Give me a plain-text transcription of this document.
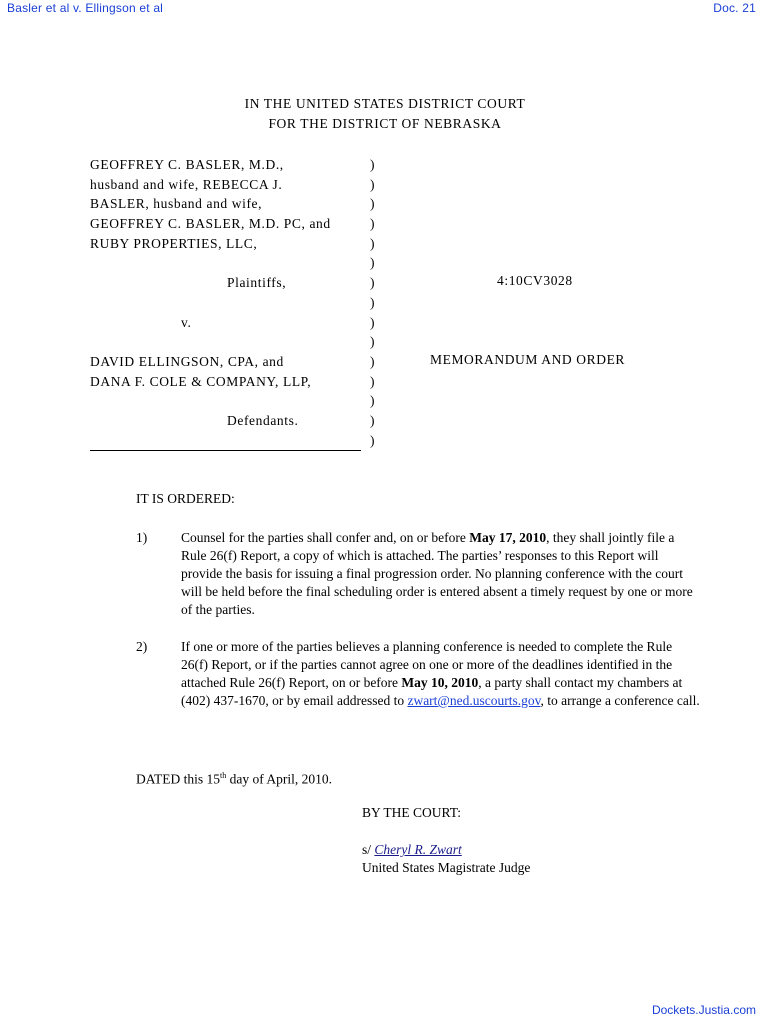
Basler et al v. Ellingson et al	Doc. 21
IN THE UNITED STATES DISTRICT COURT
FOR THE DISTRICT OF NEBRASKA
GEOFFREY C. BASLER, M.D.,
husband and wife, REBECCA J.
BASLER, husband and wife,
GEOFFREY C. BASLER, M.D. PC, and
RUBY PROPERTIES, LLC,
Plaintiffs,
v.
DAVID ELLINGSON, CPA, and
DANA F. COLE & COMPANY, LLP,
Defendants.
)
)
)
)
)
)
)
)
)
)
)
)
)
)
)
4:10CV3028
MEMORANDUM AND ORDER
IT IS ORDERED:
1)	Counsel for the parties shall confer and, on or before May 17, 2010, they shall jointly file a Rule 26(f) Report, a copy of which is attached. The parties’ responses to this Report will provide the basis for issuing a final progression order. No planning conference with the court will be held before the final scheduling order is entered absent a timely request by one or more of the parties.
2)	If one or more of the parties believes a planning conference is needed to complete the Rule 26(f) Report, or if the parties cannot agree on one or more of the deadlines identified in the attached Rule 26(f) Report, on or before May 10, 2010, a party shall contact my chambers at (402) 437-1670, or by email addressed to zwart@ned.uscourts.gov, to arrange a conference call.
DATED this 15th day of April, 2010.
BY THE COURT:
s/ Cheryl R. Zwart
United States Magistrate Judge
Dockets.Justia.com
